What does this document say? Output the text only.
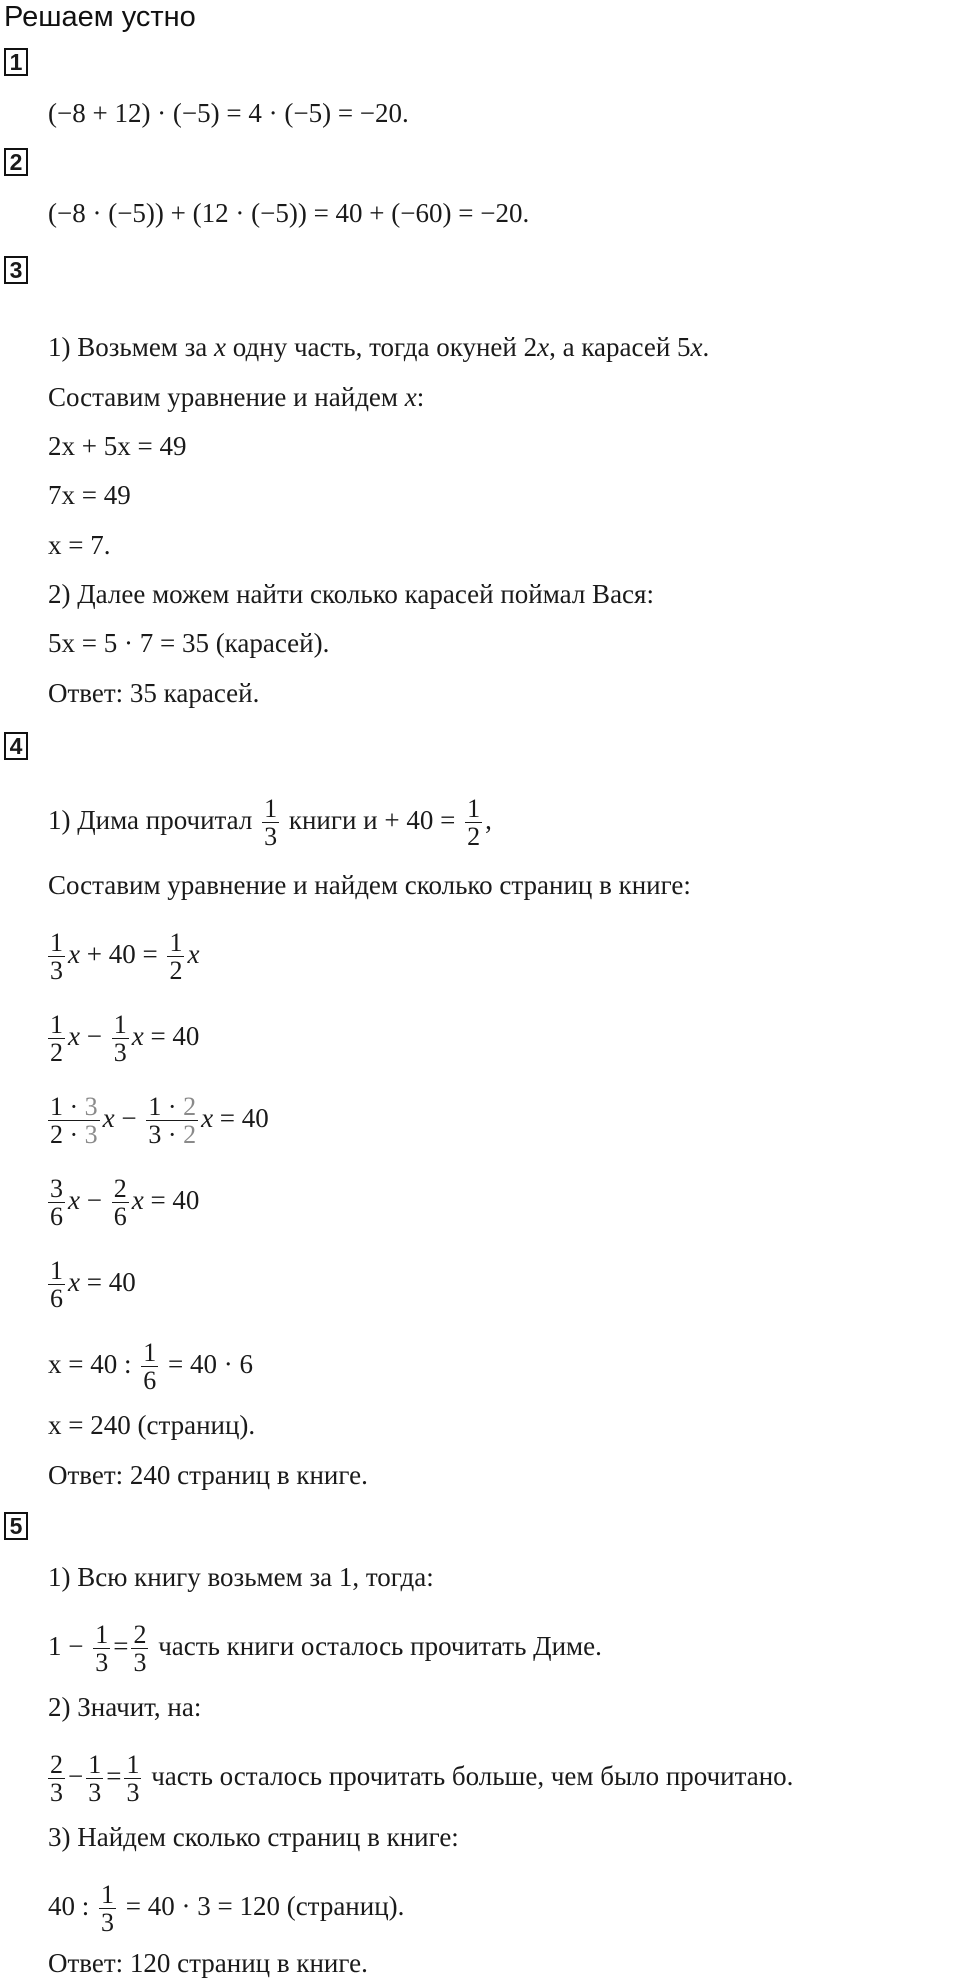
Решаем устно
1
(−8 + 12) · (−5) = 4 · (−5) = −20.
2
(−8 · (−5)) + (12 · (−5)) = 40 + (−60) = −20.
3
1) Возьмем за x одну часть, тогда окуней 2x, а карасей 5x.
Составим уравнение и найдем x:
2x + 5x = 49
7x = 49
x = 7.
2) Далее можем найти сколько карасей поймал Вася:
5x = 5 · 7 = 35 (карасей).
Ответ: 35 карасей.
4
1) Дима прочитал $\frac{1}{3}$ книги $и + 40 = \frac{1}{2}$ ,
Составим уравнение и найдем сколько страниц в книге:
$\frac{1}{3}$ $x + 40 = \frac{1}{2}$ x
$\frac{1}{2}$ $x - \frac{1}{3}$ x = 40
$\frac{1 \cdot 3}{2 \cdot 3}$ $x - \frac{1 \cdot 2}{3 \cdot 2}$ x = 40
$\frac{3}{6}$ $x - \frac{2}{6}$ x = 40
$\frac{1}{6}$ x = 40
x = 40 : $\frac{1}{6} = 40 \cdot 6$
x = 240 (страниц).
Ответ: 240 страниц в книге.
5
1) Всю книгу возьмем за 1, тогда:
$1 - \frac{1}{3} = \frac{2}{3}$ часть книги осталось прочитать Диме.
2) Значит, на:
$\frac{2}{3} - \frac{1}{3} = \frac{1}{3}$ часть осталось прочитать больше, чем было прочитано.
3) Найдем сколько страниц в книге:
40 : $\frac{1}{3} = 40 \cdot 3 = 120$ (страниц).
Ответ: 120 страниц в книге.
